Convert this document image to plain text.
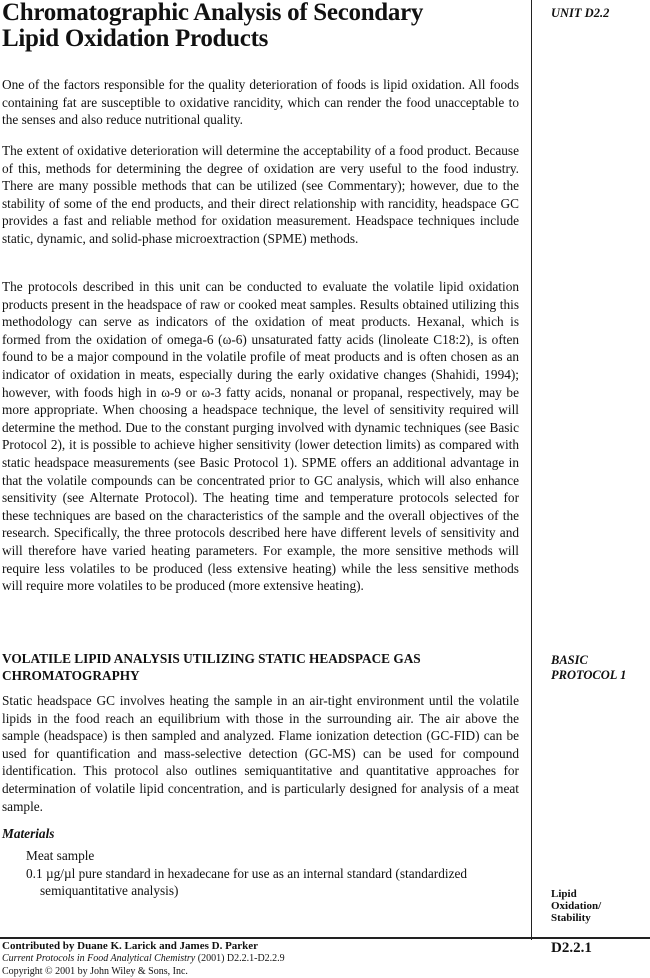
Chromatographic Analysis of Secondary
Lipid Oxidation Products

One of the factors responsible for the quality deterioration of foods is lipid oxidation. All foods containing fat are susceptible to oxidative rancidity, which can render the food unacceptable to the senses and also reduce nutritional quality.

The extent of oxidative deterioration will determine the acceptability of a food product. Because of this, methods for determining the degree of oxidation are very useful to the food industry. There are many possible methods that can be utilized (see Commentary); however, due to the stability of some of the end products, and their direct relationship with rancidity, headspace GC provides a fast and reliable method for oxidation measurement. Headspace techniques include static, dynamic, and solid-phase microextraction (SPME) methods.

The protocols described in this unit can be conducted to evaluate the volatile lipid oxidation products present in the headspace of raw or cooked meat samples. Results obtained utilizing this methodology can serve as indicators of the oxidation of meat products. Hexanal, which is formed from the oxidation of omega-6 (ω-6) unsaturated fatty acids (linoleate C18:2), is often found to be a major compound in the volatile profile of meat products and is often chosen as an indicator of oxidation in meats, especially during the early oxidative changes (Shahidi, 1994); however, with foods high in ω-9 or ω-3 fatty acids, nonanal or propanal, respectively, may be more appropriate. When choosing a headspace technique, the level of sensitivity required will determine the method. Due to the constant purging involved with dynamic techniques (see Basic Protocol 2), it is possible to achieve higher sensitivity (lower detection limits) as compared with static headspace measurements (see Basic Protocol 1). SPME offers an additional advantage in that the volatile compounds can be concentrated prior to GC analysis, which will also enhance sensitivity (see Alternate Protocol). The heating time and temperature protocols selected for these techniques are based on the characteristics of the sample and the overall objectives of the research. Specifically, the three protocols described here have different levels of sensitivity and will therefore have varied heating parameters. For example, the more sensitive methods will require less volatiles to be produced (less extensive heating) while the less sensitive methods will require more volatiles to be produced (more extensive heating).

VOLATILE LIPID ANALYSIS UTILIZING STATIC HEADSPACE GAS CHROMATOGRAPHY

Static headspace GC involves heating the sample in an air-tight environment until the volatile lipids in the food reach an equilibrium with those in the surrounding air. The air above the sample (headspace) is then sampled and analyzed. Flame ionization detection (GC-FID) can be used for quantification and mass-selective detection (GC-MS) can be used for compound identification. This protocol also outlines semiquantitative and quantitative approaches for determination of volatile lipid concentration, and is particularly designed for analysis of a meat sample.

Materials
Meat sample
0.1 µg/µl pure standard in hexadecane for use as an internal standard (standardized semiquantitative analysis)
UNIT D2.2
BASIC
PROTOCOL 1
Lipid
Oxidation/
Stability
D2.2.1
Contributed by Duane K. Larick and James D. Parker
Current Protocols in Food Analytical Chemistry (2001) D2.2.1-D2.2.9
Copyright © 2001 by John Wiley & Sons, Inc.
